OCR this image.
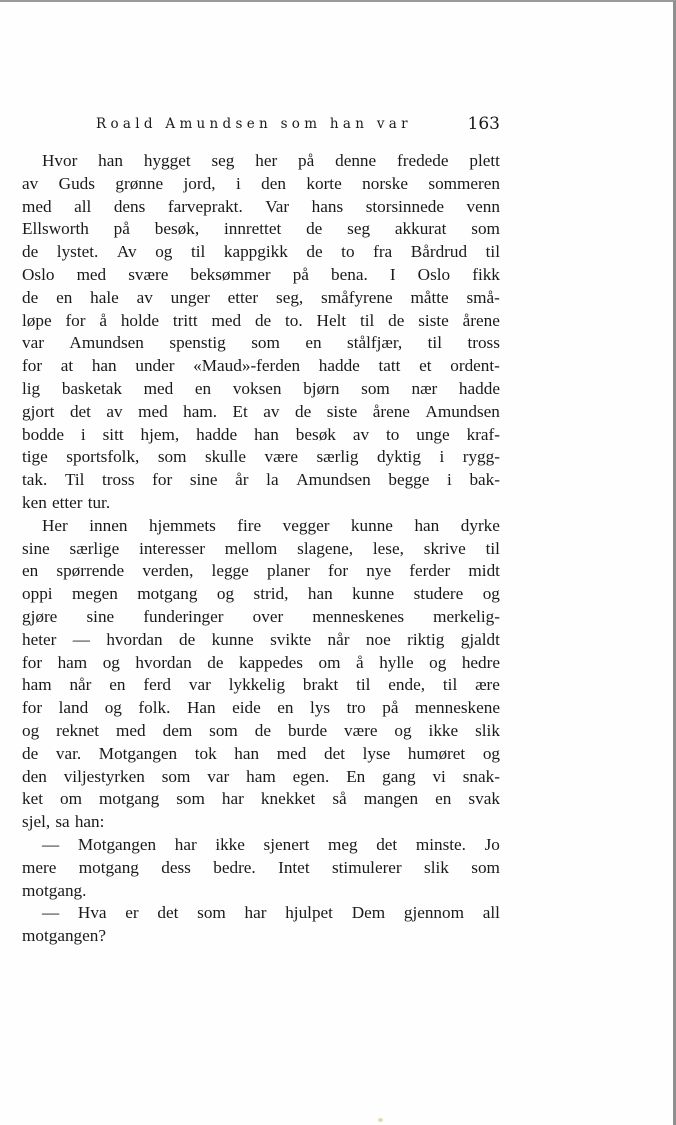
Roald Amundsen som han var	163
Hvor han hygget seg her på denne fredede plett
av Guds grønne jord, i den korte norske sommeren
med all dens farveprakt. Var hans storsinnede venn
Ellsworth på besøk, innrettet de seg akkurat som
de lystet. Av og til kappgikk de to fra Bårdrud til
Oslo med svære beksømmer på bena. I Oslo fikk
de en hale av unger etter seg, småfyrene måtte små-
løpe for å holde tritt med de to. Helt til de siste årene
var Amundsen spenstig som en stålfjær, til tross
for at han under «Maud»-ferden hadde tatt et ordent-
lig basketak med en voksen bjørn som nær hadde
gjort det av med ham. Et av de siste årene Amundsen
bodde i sitt hjem, hadde han besøk av to unge kraf-
tige sportsfolk, som skulle være særlig dyktig i rygg-
tak. Til tross for sine år la Amundsen begge i bak-
ken etter tur.
Her innen hjemmets fire vegger kunne han dyrke
sine særlige interesser mellom slagene, lese, skrive til
en spørrende verden, legge planer for nye ferder midt
oppi megen motgang og strid, han kunne studere og
gjøre sine funderinger over menneskenes merkelig-
heter — hvordan de kunne svikte når noe riktig gjaldt
for ham og hvordan de kappedes om å hylle og hedre
ham når en ferd var lykkelig brakt til ende, til ære
for land og folk. Han eide en lys tro på menneskene
og reknet med dem som de burde være og ikke slik
de var. Motgangen tok han med det lyse humøret og
den viljestyrken som var ham egen. En gang vi snak-
ket om motgang som har knekket så mangen en svak
sjel, sa han:
— Motgangen har ikke sjenert meg det minste. Jo
mere motgang dess bedre. Intet stimulerer slik som
motgang.
— Hva er det som har hjulpet Dem gjennom all
motgangen?
